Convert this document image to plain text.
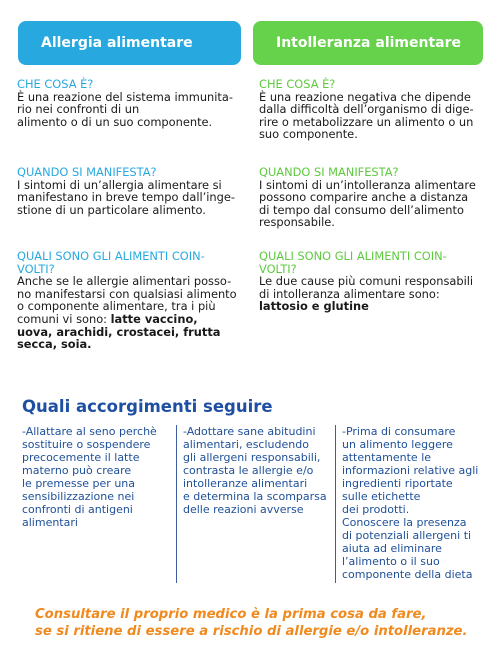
Allergia alimentare	Intolleranza alimentare
CHE COSA È?
È una reazione del sistema immunita-
rio nei confronti di un
alimento o di un suo componente.
QUANDO SI MANIFESTA?
I sintomi di un’allergia alimentare si
manifestano in breve tempo dall’inge-
stione di un particolare alimento.
QUALI SONO GLI ALIMENTI COIN-
VOLTI?
Anche se le allergie alimentari posso-
no manifestarsi con qualsiasi alimento
o componente alimentare, tra i più
comuni vi sono: latte vaccino,
uova, arachidi, crostacei, frutta
secca, soia.
CHE COSA È?
È una reazione negativa che dipende
dalla difficoltà dell’organismo di dige-
rire o metabolizzare un alimento o un
suo componente.
QUANDO SI MANIFESTA?
I sintomi di un’intolleranza alimentare
possono comparire anche a distanza
di tempo dal consumo dell’alimento
responsabile.
QUALI SONO GLI ALIMENTI COIN-
VOLTI?
Le due cause più comuni responsabili
di intolleranza alimentare sono:
lattosio e glutine
Quali accorgimenti seguire
-Allattare al seno perchè
sostituire o sospendere
precocemente il latte
materno può creare
le premesse per una
sensibilizzazione nei
confronti di antigeni
alimentari
-Adottare sane abitudini
alimentari, escludendo
gli allergeni responsabili,
contrasta le allergie e/o
intolleranze alimentari
e determina la scomparsa
delle reazioni avverse
-Prima di consumare
un alimento leggere
attentamente le
informazioni relative agli
ingredienti riportate
sulle etichette
dei prodotti.
Conoscere la presenza
di potenziali allergeni ti
aiuta ad eliminare
l’alimento o il suo
componente della dieta

Consultare il proprio medico è la prima cosa da fare,
se si ritiene di essere a rischio di allergie e/o intolleranze.
